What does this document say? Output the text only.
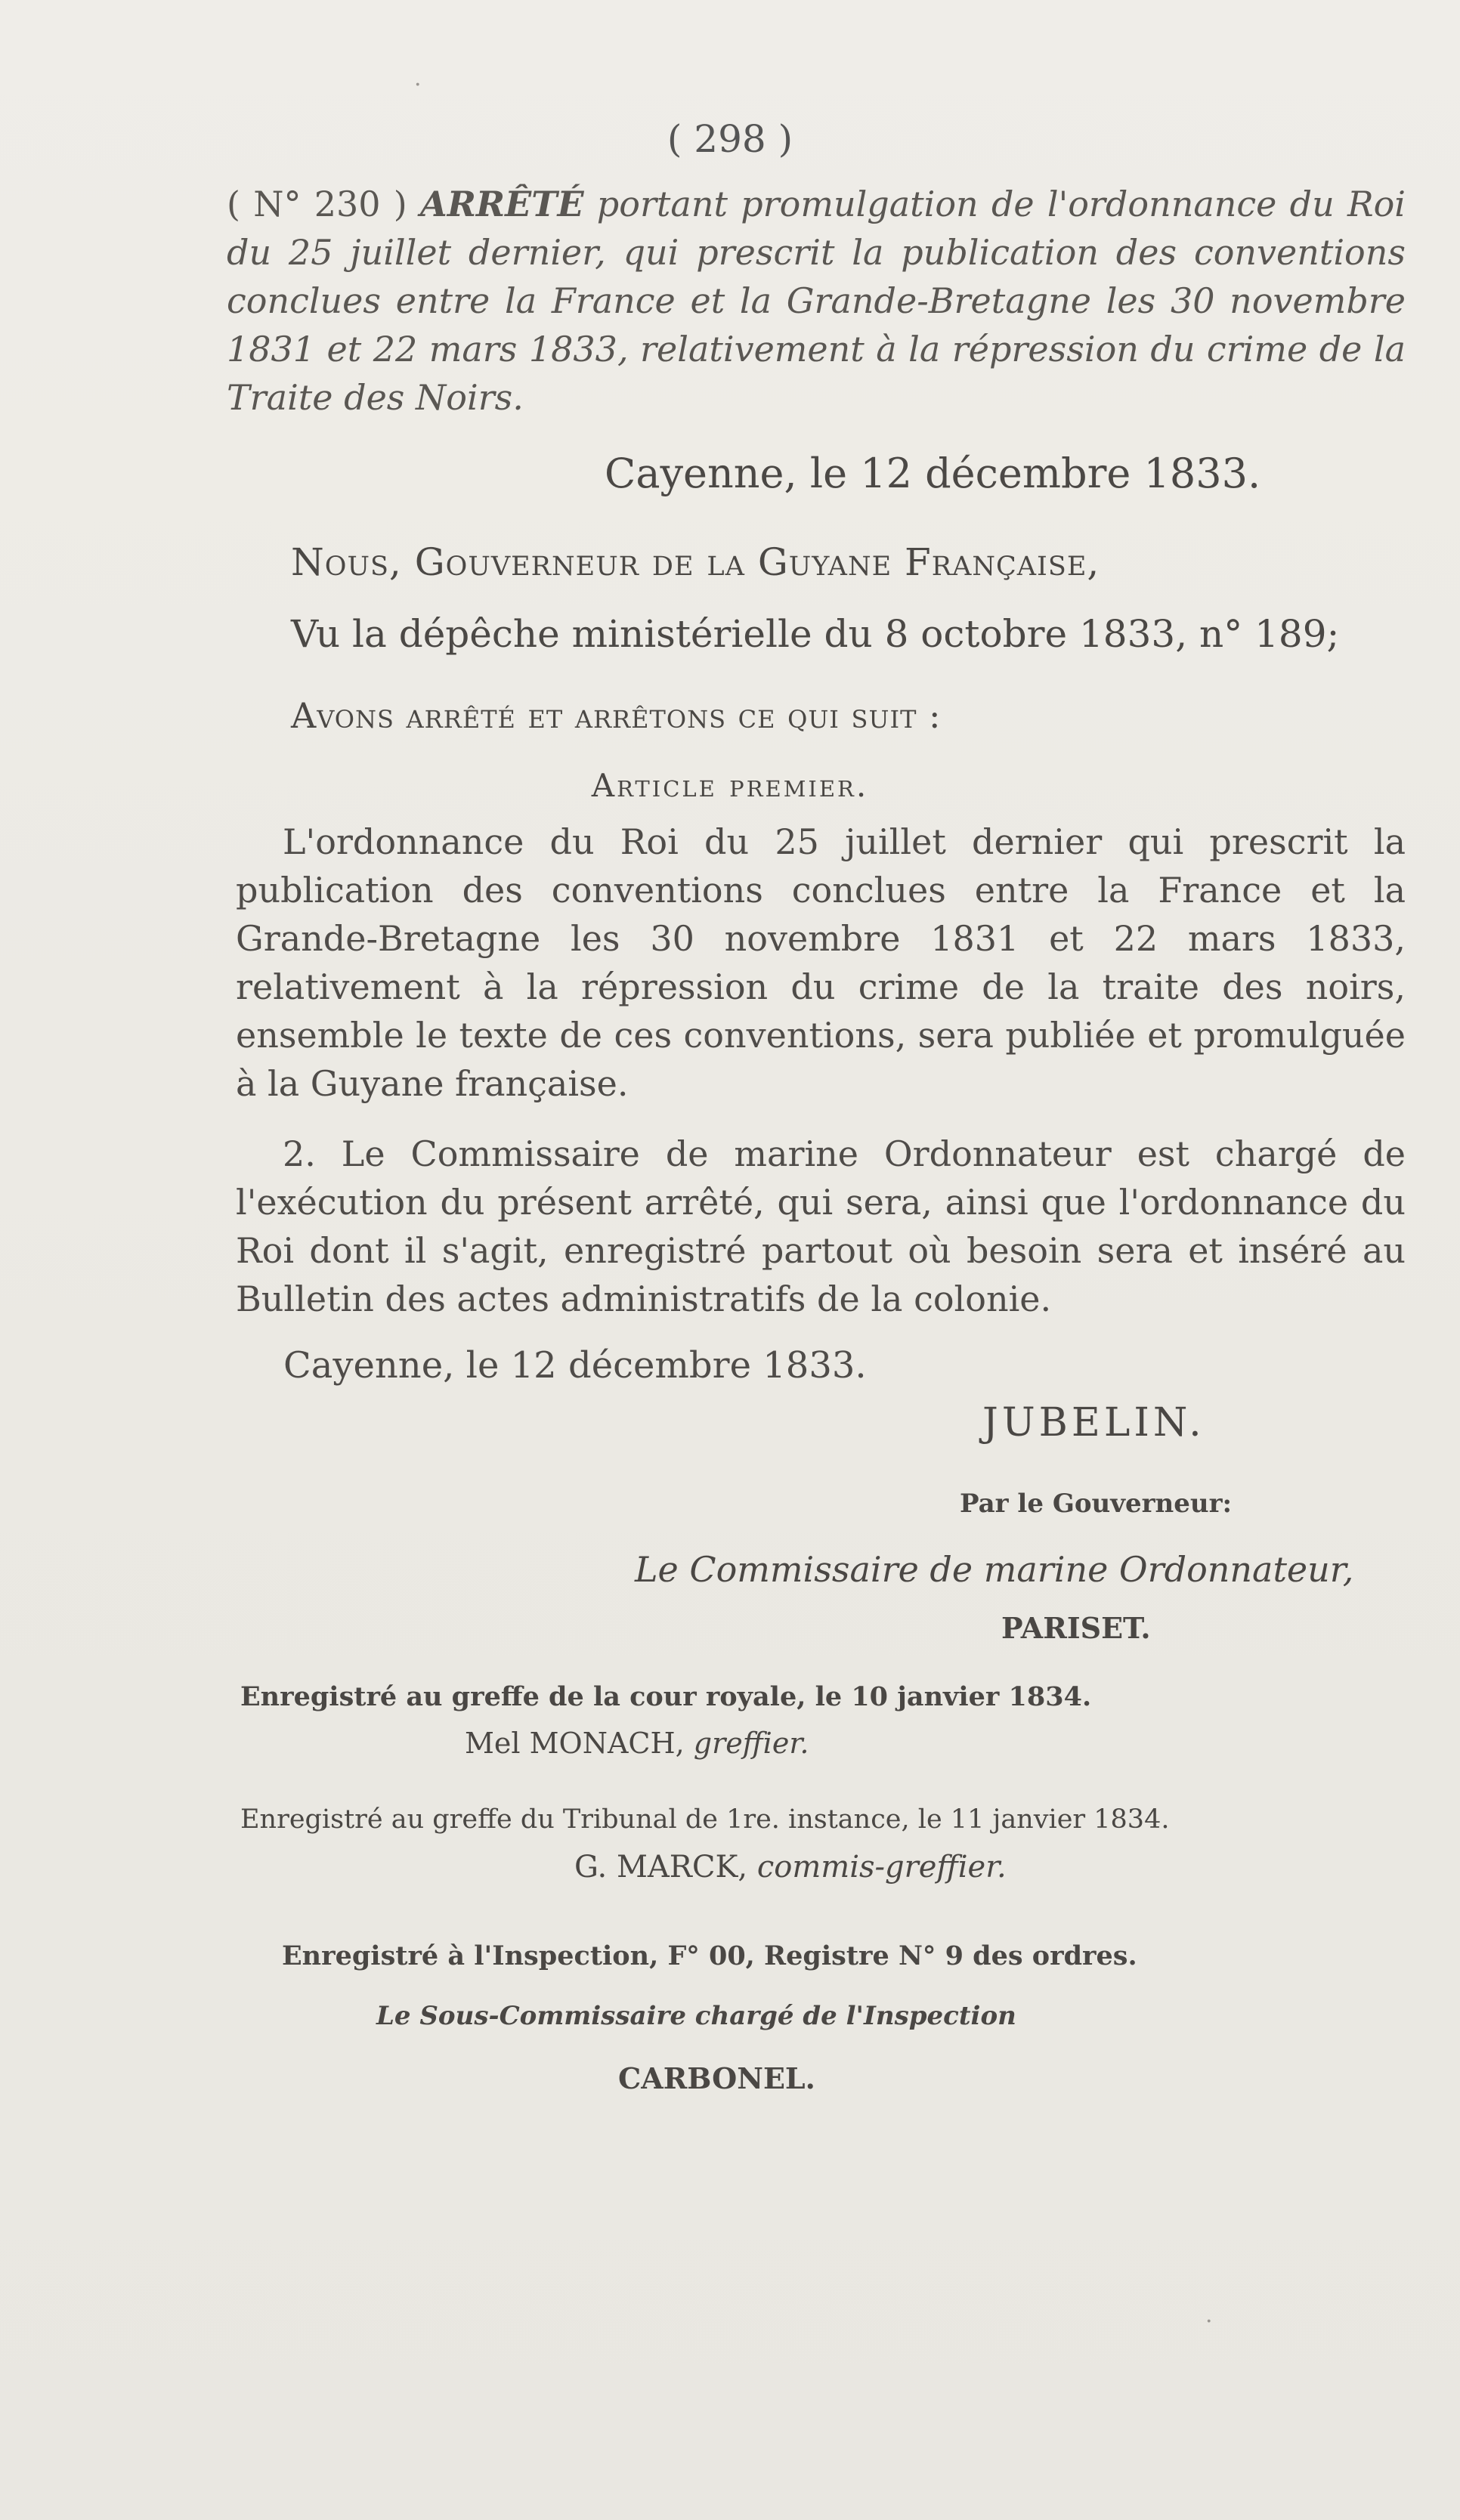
( 298 )
( N° 230 ) ARRÊTÉ portant promulgation de l'ordonnance du Roi du 25 juillet dernier, qui prescrit la publication des conventions conclues entre la France et la Grande-Bretagne les 30 novembre 1831 et 22 mars 1833, relativement à la répression du crime de la Traite des Noirs.
Cayenne, le 12 décembre 1833.
Nous, Gouverneur de la Guyane Française,
Vu la dépêche ministérielle du 8 octobre 1833, n° 189;
Avons arrêté et arrêtons ce qui suit :
Article premier.
L'ordonnance du Roi du 25 juillet dernier qui prescrit la publication des conventions conclues entre la France et la Grande-Bretagne les 30 novembre 1831 et 22 mars 1833, relativement à la répression du crime de la traite des noirs, ensemble le texte de ces conventions, sera publiée et promulguée à la Guyane française.
2. Le Commissaire de marine Ordonnateur est chargé de l'exécution du présent arrêté, qui sera, ainsi que l'ordonnance du Roi dont il s'agit, enregistré partout où besoin sera et inséré au Bulletin des actes administratifs de la colonie.
Cayenne, le 12 décembre 1833.
JUBELIN.
Par le Gouverneur:
Le Commissaire de marine Ordonnateur,
PARISET.
Enregistré au greffe de la cour royale, le 10 janvier 1834.
Mel MONACH, greffier.
Enregistré au greffe du Tribunal de 1re. instance, le 11 janvier 1834.
G. MARCK, commis-greffier.
Enregistré à l'Inspection, F° 00, Registre N° 9 des ordres.
Le Sous-Commissaire chargé de l'Inspection
CARBONEL.
·
·
